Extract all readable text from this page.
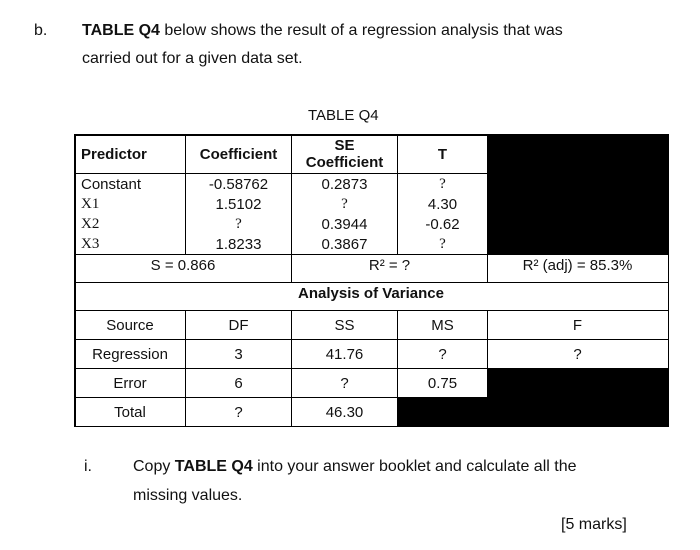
b. TABLE Q4 below shows the result of a regression analysis that was
carried out for a given data set.
TABLE Q4
Predictor	Coefficient	SE
Coefficient	T
Constant	-0.58762	0.2873	?
X1	1.5102	?	4.30
X2	?	0.3944	-0.62
X3	1.8233	0.3867	?
S = 0.866	R² = ?	R² (adj) = 85.3%
Analysis of Variance
Source	DF	SS	MS	F
Regression	3	41.76	?	?
Error	6	?	0.75
Total	?	46.30
i.	Copy TABLE Q4 into your answer booklet and calculate all the
missing values.
[5 marks]
